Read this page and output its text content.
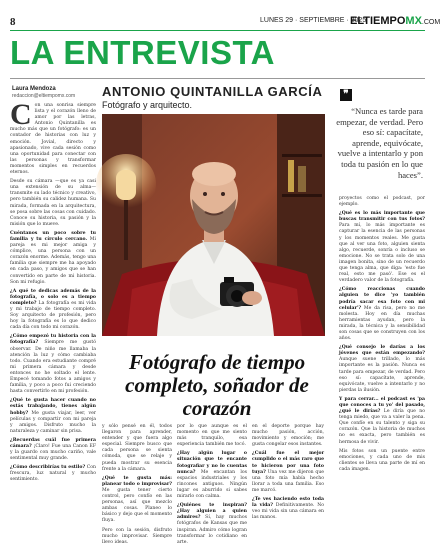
8	LUNES 29 · SEPTIEMBRE · 2025
ELTIEMPOMX.COM
LA ENTREVISTA
Laura Mendoza
redaccion@eltiempomx.com ANTONIO QUINTANILLA GARCÍA
Fotógrafo y arquitecto.
❞
“Nunca es tarde para empezar, de verdad. Pero eso sí: capacítate, aprende, equivócate, vuelve a intentarlo y pon toda tu pasión en lo que haces”.
Fotógrafo de tiempo completo, soñador de corazón
C on una sonrisa siempre lista y el corazón lleno de amor por las letras, Antonio Quintanilla es mucho más que un fotógrafo: es un contador de historias con luz y emoción. Jovial, directo y apasionado, vive cada sesión como una oportunidad para conectar con las personas y transformar momentos simples en recuerdos eternos.

Desde su cámara —que es ya casi una extensión de su alma— transmite su lado técnico y creativo, pero también su calidez humana. Su mirada, formada en la arquitectura, se posa sobre las cosas con cuidado. Conoce su historia, su pasión y la misión que lo mueve.

Cuéntanos un poco sobre tu familia y tu círculo cercano. Mi pareja es mi mejor amiga y cómplice, una persona con un corazón enorme. Además, tengo una familia que siempre me ha apoyado en cada paso, y amigos que se han convertido en parte de mi historia. Son mi refugio.

¿A qué te dedicas además de la fotografía, o solo es a tiempo completo? La fotografía es mi vida y mi trabajo de tiempo completo. Soy arquitecto de profesión, pero hoy la fotografía es lo que dedico cada día con todo mi corazón.

¿Cómo empezó tu historia con la fotografía? Siempre me gustó observar. De niño me llamaba la atención la luz y cómo cambiaba todo. Cuando era estudiante compré mi primera cámara y desde entonces no he soltado el lente. Empecé tomando fotos a amigos y familia, y poco a poco fui creciendo hasta convertirlo en mi profesión.

¿Qué te gusta hacer cuando no estás trabajando, tienes algún hobby? Me gusta viajar, leer, ver películas y compartir con mi pareja y amigos. Disfruto mucho la naturaleza y caminar sin prisa.

¿Recuerdas cuál fue primera cámara? ¡Claro! Fue una Canon EF y la guardo con mucho cariño, vale sentimental muy grande.

¿Cómo describirías tu estilo? Con frescura, luz natural y mucho sentimiento.

y sólo pensé en él, todos llegaron para aprender, entender y que fuera algo especial. Siempre busco que cada persona se sienta cómoda, que se relaje y pueda mostrar su esencia frente a la cámara.

¿Qué te gusta más: planear todo o improvisar? Me gusta tener cierto control, pero confío en las personas, así que mezclo ambas cosas. Planeo lo básico y dejo que el momento fluya.

Pero con la sesión, disfruto mucho improvisar. Siempre llevo ideas.

por lo que aunque es el momento en que me siento más tranquilo, esa experiencia también me tocó.

¿Hay algún lugar o situación que te encante fotografiar y no lo cuentas nunca? Me encantan los espacios industriales y los rincones antiguos. Ningún lugar es aburrido si sabes mirarlo con calma.

¿Quiénes te inspiran? ¿Hay alguien a quien admires? Sí, hay muchos fotógrafos de Kansas que me inspiran. Admiro cómo logran transformar lo cotidiano en arte.

en el deporte porque hay mucho pasión, acción, movimiento y emoción; me gusta congelar esos instantes.

¿Cuál fue el mejor cumplido o el más raro que te hicieron por una foto tuya? Una vez me dijeron que una foto mía había hecho llorar a toda una familia. Eso me marcó.

¿Te ves haciendo esto toda la vida? Definitivamente. No veo mi vida sin una cámara en las manos.

proyectos como el podcast, por ejemplo.

¿Qué es lo más importante que buscas transmitir con tus fotos? Para mí, lo más importante es capturar la esencia de las personas y los momentos reales. Me gusta que al ver una foto, alguien sienta algo, recuerde, sonría o incluso se emocione. No se trata solo de una imagen bonita, sino de un recuerdo que tenga alma, que diga: 'esto fue real, esto me pasó'. Ese es el verdadero valor de la fotografía.

¿Cómo reaccionas cuando alguien te dice 'yo también podría sacar esa foto con mi celular'? Me da risa, pero no me molesta. Hoy en día muchas herramientas ayudan, pero la mirada, la técnica y la sensibilidad son cosas que se construyen con los años.

¿Qué consejo le darías a los jóvenes que están empezando? Aunque suene trillado, lo más importante es la pasión. Nunca es tarde para empezar, de verdad. Pero eso sí: capacítate, aprende, equivócate, vuelve a intentarlo y no pierdas la ilusión.

Y para cerrar... el podcast es 'pa que conoces a tu yo' del pasado, ¿qué le dirías? Le diría que no tenga miedo, que va a valer la pena. Que confíe en su talento y siga su corazón. Que la historia de muchos no es exacta, pero también es hermosa de vivir.

Mis fotos son un puente entre emociones, y cada uno de mis clientes se lleva una parte de mí en cada imagen.
